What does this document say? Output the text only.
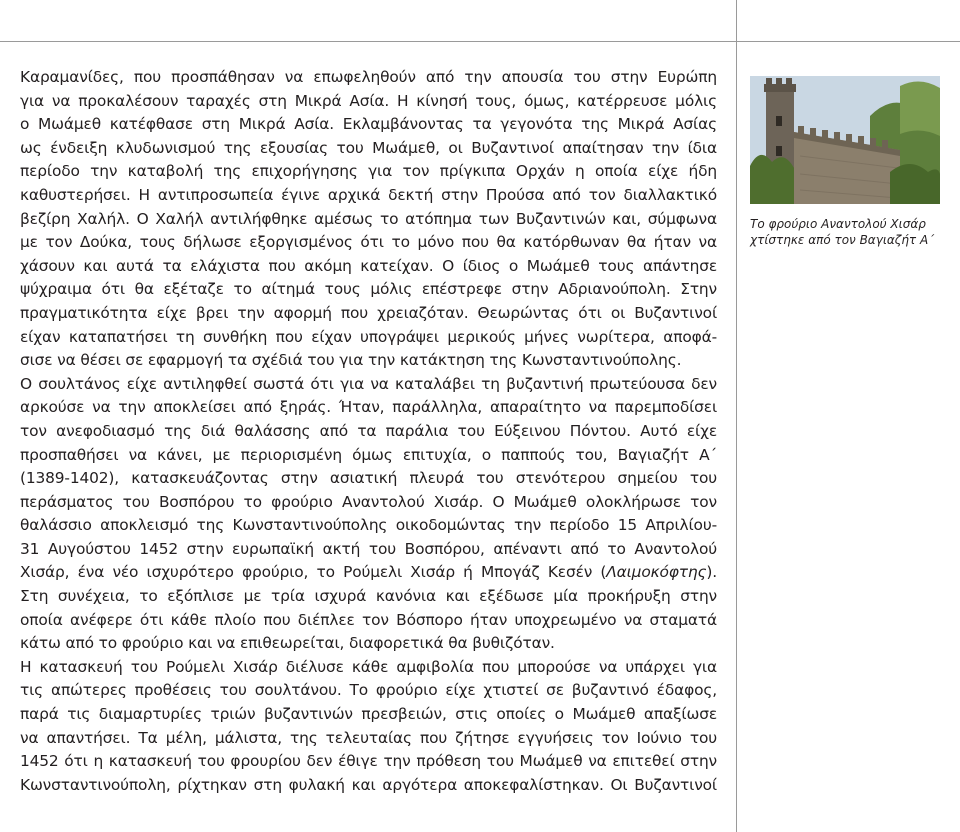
Καραμανίδες, που προσπάθησαν να επωφεληθούν από την απουσία του στην Ευρώπη
για να προκαλέσουν ταραχές στη Μικρά Ασία. Η κίνησή τους, όμως, κατέρρευσε μόλις
ο Μωάμεθ κατέφθασε στη Μικρά Ασία. Εκλαμβάνοντας τα γεγονότα της Μικρά Ασίας
ως ένδειξη κλυδωνισμού της εξουσίας του Μωάμεθ, οι Βυζαντινοί απαίτησαν την ίδια
περίοδο την καταβολή της επιχορήγησης για τον πρίγκιπα Ορχάν η οποία είχε ήδη
καθυστερήσει. Η αντιπροσωπεία έγινε αρχικά δεκτή στην Προύσα από τον διαλλακτικό
βεζίρη Χαλήλ. Ο Χαλήλ αντιλήφθηκε αμέσως το ατόπημα των Βυζαντινών και, σύμφωνα
με τον Δούκα, τους δήλωσε εξοργισμένος ότι το μόνο που θα κατόρθωναν θα ήταν να
χάσουν και αυτά τα ελάχιστα που ακόμη κατείχαν. Ο ίδιος ο Μωάμεθ τους απάντησε
ψύχραιμα ότι θα εξέταζε το αίτημά τους μόλις επέστρεφε στην Αδριανούπολη. Στην
πραγματικότητα είχε βρει την αφορμή που χρειαζόταν. Θεωρώντας ότι οι Βυζαντινοί
είχαν καταπατήσει τη συνθήκη που είχαν υπογράψει μερικούς μήνες νωρίτερα, αποφά-
σισε να θέσει σε εφαρμογή τα σχέδιά του για την κατάκτηση της Κωνσταντινούπολης.
Ο σουλτάνος είχε αντιληφθεί σωστά ότι για να καταλάβει τη βυζαντινή πρωτεύουσα δεν
αρκούσε να την αποκλείσει από ξηράς. Ήταν, παράλληλα, απαραίτητο να παρεμποδίσει
τον ανεφοδιασμό της διά θαλάσσης από τα παράλια του Εύξεινου Πόντου. Αυτό είχε
προσπαθήσει να κάνει, με περιορισμένη όμως επιτυχία, ο παππούς του, Βαγιαζήτ Α΄
(1389-1402), κατασκευάζοντας στην ασιατική πλευρά του στενότερου σημείου του
περάσματος του Βοσπόρου το φρούριο Αναντολού Χισάρ. Ο Μωάμεθ ολοκλήρωσε τον
θαλάσσιο αποκλεισμό της Κωνσταντινούπολης οικοδομώντας την περίοδο 15 Απριλίου-
31 Αυγούστου 1452 στην ευρωπαϊκή ακτή του Βοσπόρου, απέναντι από το Αναντολού
Χισάρ, ένα νέο ισχυρότερο φρούριο, το Ρούμελι Χισάρ ή Μπογάζ Κεσέν (Λαιμοκόφτης).
Στη συνέχεια, το εξόπλισε με τρία ισχυρά κανόνια και εξέδωσε μία προκήρυξη στην
οποία ανέφερε ότι κάθε πλοίο που διέπλεε τον Βόσπορο ήταν υποχρεωμένο να σταματά
κάτω από το φρούριο και να επιθεωρείται, διαφορετικά θα βυθιζόταν.
Η κατασκευή του Ρούμελι Χισάρ διέλυσε κάθε αμφιβολία που μπορούσε να υπάρχει για
τις απώτερες προθέσεις του σουλτάνου. Το φρούριο είχε χτιστεί σε βυζαντινό έδαφος,
παρά τις διαμαρτυρίες τριών βυζαντινών πρεσβειών, στις οποίες ο Μωάμεθ απαξίωσε
να απαντήσει. Τα μέλη, μάλιστα, της τελευταίας που ζήτησε εγγυήσεις τον Ιούνιο του
1452 ότι η κατασκευή του φρουρίου δεν έθιγε την πρόθεση του Μωάμεθ να επιτεθεί στην
Κωνσταντινούπολη, ρίχτηκαν στη φυλακή και αργότερα αποκεφαλίστηκαν. Οι Βυζαντινοί
Το φρούριο Αναντολού Χισάρ
χτίστηκε από τον Βαγιαζήτ Α΄
